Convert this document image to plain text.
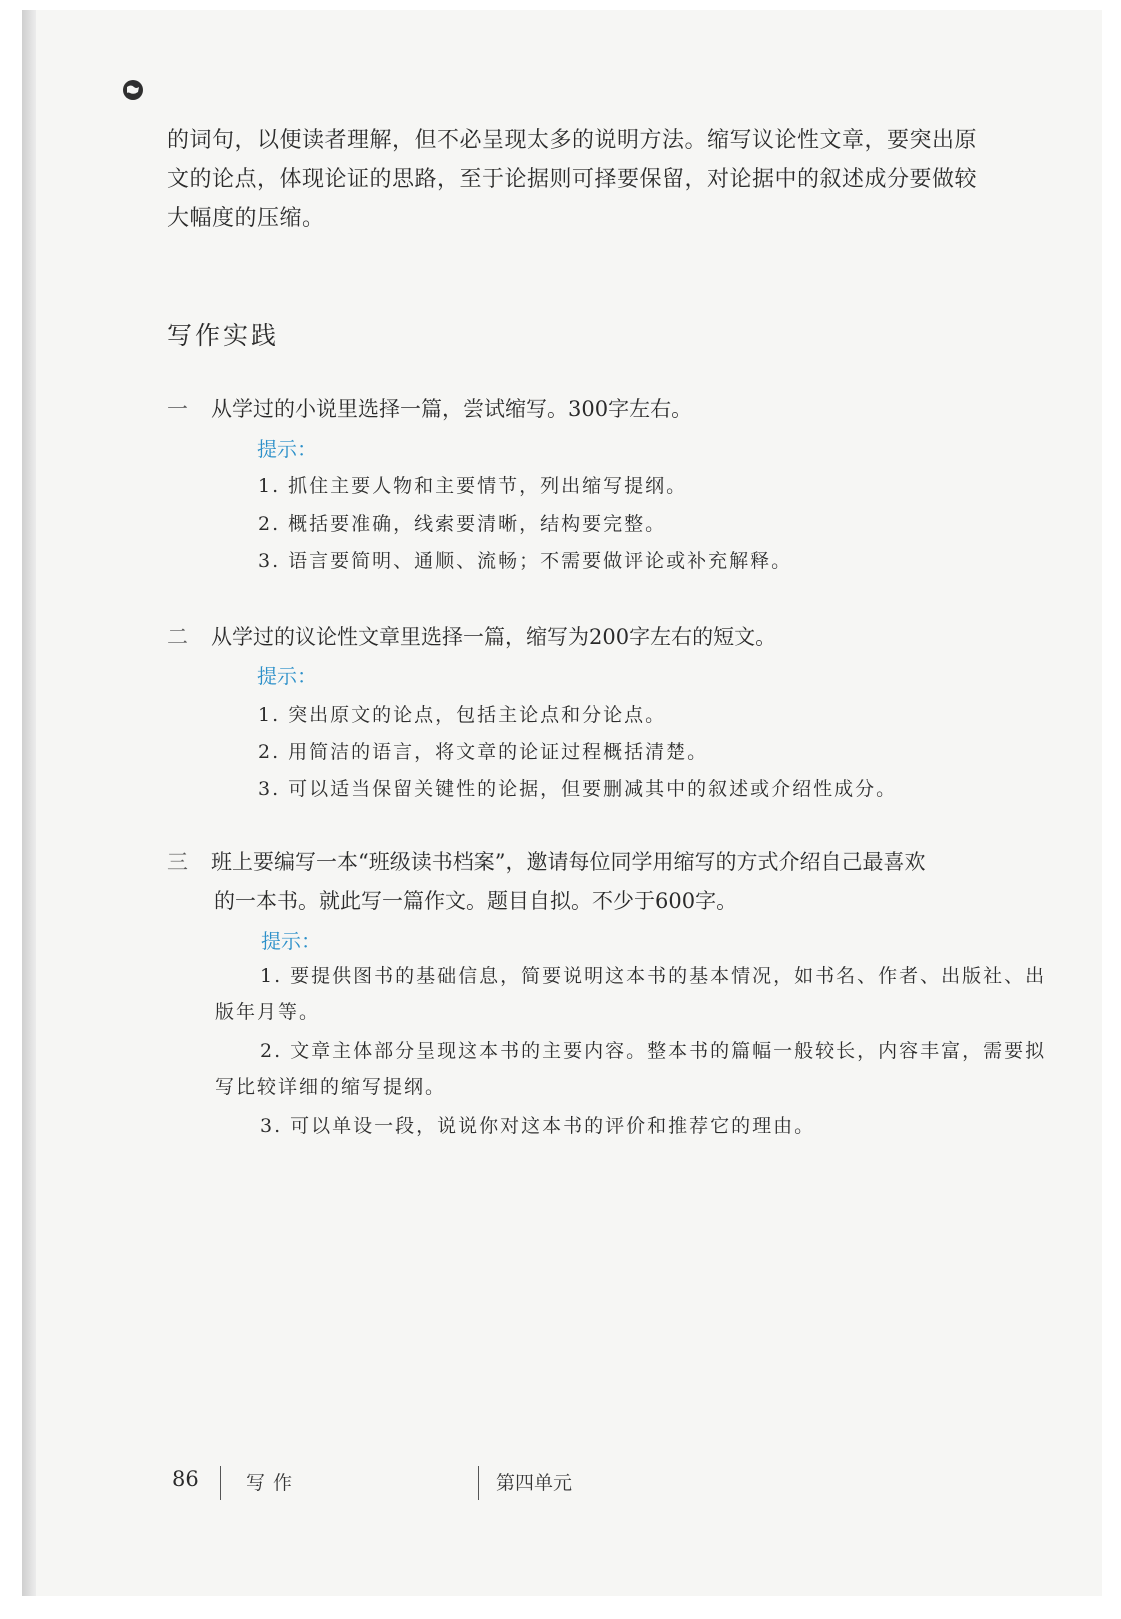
的词句，以便读者理解，但不必呈现太多的说明方法。缩写议论性文章，要突出原

文的论点，体现论证的思路，至于论据则可择要保留，对论据中的叙述成分要做较

大幅度的压缩。

写作实践

一 从学过的小说里选择一篇，尝试缩写。300字左右。

提示：

1. 抓住主要人物和主要情节，列出缩写提纲。

2. 概括要准确，线索要清晰，结构要完整。

3. 语言要简明、通顺、流畅；不需要做评论或补充解释。

二 从学过的议论性文章里选择一篇，缩写为200字左右的短文。

提示：

1. 突出原文的论点，包括主论点和分论点。

2. 用简洁的语言，将文章的论证过程概括清楚。

3. 可以适当保留关键性的论据，但要删减其中的叙述或介绍性成分。

三 班上要编写一本“班级读书档案”，邀请每位同学用缩写的方式介绍自己最喜欢
的一本书。就此写一篇作文。题目自拟。不少于600字。

提示：

1. 要提供图书的基础信息，简要说明这本书的基本情况，如书名、作者、出版社、出版年月等。

2. 文章主体部分呈现这本书的主要内容。整本书的篇幅一般较长，内容丰富，需要拟写比较详细的缩写提纲。

3. 可以单设一段，说说你对这本书的评价和推荐它的理由。

86 写作	第四单元
